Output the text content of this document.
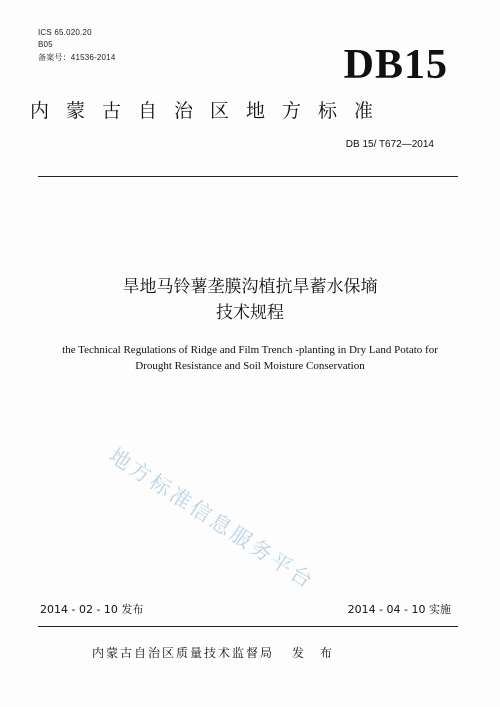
ICS 65.020.20
B05
备案号：41536-2014	DB15
内蒙古自治区地方标准
DB 15/ T672—2014
旱地马铃薯垄膜沟植抗旱蓄水保墒
技术规程
the Technical Regulations of Ridge and Film Trench -planting in Dry Land Potato for
Drought Resistance and Soil Moisture Conservation
地方标准信息服务平台
2014 - 02 - 10 发布	2014 - 04 - 10 实施
内蒙古自治区质量技术监督局 发 布
